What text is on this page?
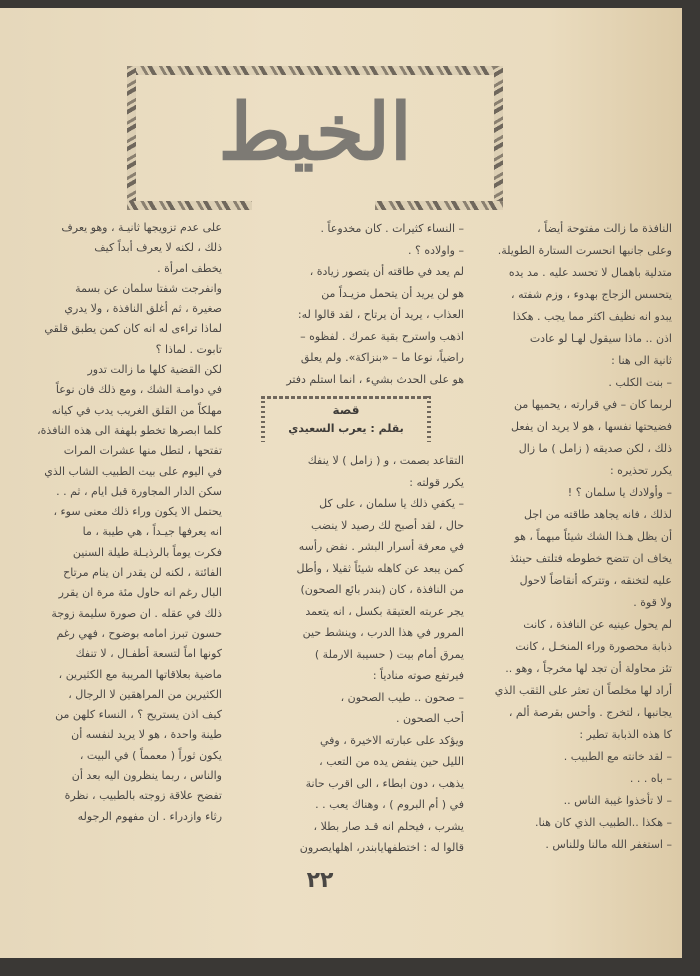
الخيط
النافذة ما زالت مفتوحة أيضاً ،
وعلى جانبها انحسرت الستارة الطويلة.
متدلية باهمال لا تحسد عليه . مد يده
يتحسس الزجاج بهدوء ، وزم شفته ،
يبدو انه نظيف اكثر مما يجب . هكذا
اذن .. ماذا سيقول لهـا لو عادت
ثانية الى هنا :
– بنت الكلب .
لربما كان – في قرارته ، يحميها من
فضيحتها نفسها ، هو لا يريد ان يفعل
ذلك ، لكن صديقه ( زامل ) ما زال
يكرر تحذيره :
– وأولادك يا سلمان ؟ !
لذلك ، فانه يجاهد طاقته من اجل
أن يظل هـذا الشك شيئاً مبهماً ، هو
يخاف ان تتضح خطوطه فتلتف حينئذ
عليه لتخنقه ، وتتركه أنقاضاً لاحول
ولا قوة .
لم يحول عينيه عن النافذة ، كانت
ذبابة محصورة وراء المنخـل ، كانت
تئز محاولة أن تجد لها مخرجاً ، وهو ..
أراد لها مخلصاً ان تعثر على الثقب الذي
يجانبها ، لتخرج . وأحس بقرصة ألم ،
كا هذه الذبابة تطير :
– لقد خانته مع الطبيب .
– باه . . .
– لا تأخذوا غيبة الناس ..
– هكذا ..الطبيب الذي كان هنا.
– استغفر الله مالنا وللناس .
– النساء كثيرات . كان مخدوعاً .
– واولاده ؟ .
لم يعد في طاقته أن يتصور زيادة ،
هو لن يريد أن يتحمل مزيـداً من
العذاب ، يريد أن يرتاح ، لقد قالوا له:
اذهب واسترح بقية عمرك . لفظوه –
راضياً، نوعا ما – «بنزاكة». ولم يعلق
هو على الحدث بشيء ، انما استلم دفتر
قصة
بقلم : يعرب السعيدي
التقاعد بصمت ، و ( زامل ) لا ينفك
يكرر قولته :
– يكفي ذلك يا سلمان ، على كل
حال ، لقد أصبح لك رصيد لا ينضب
في معرفة أسرار البشر . نفض رأسه
كمن يبعد عن كاهله شيئاً ثقيلا ، وأطل
من النافذة ، كان (بندر بائع الصحون)
يجر عربته العتيقة بكسل ، انه يتعمد
المرور في هذا الدرب ، وينشط حين
يمرق أمام بيت ( حسيبة الارملة )
فيرتفع صوته منادياً :
– صحون .. طيب الصحون ،
أحب الصحون .
ويؤكد على عبارته الاخيرة ، وفي
الليل حين ينفض يده من التعب ،
يذهب ، دون ابطاء ، الى اقرب حانة
في ( أم البروم ) ، وهناك يعب . .
يشرب ، فيحلم انه قـد صار بطلا ،
قالوا له : اختطفهايابندر، اهلهايصرون
على عدم تزويجها ثانيـة ، وهو يعرف
ذلك ، لكنه لا يعرف أبداً كيف
يخطف امرأة .
وانفرجت شفتا سلمان عن بسمة
صغيرة ، ثم أغلق النافذة ، ولا يدري
لماذا تراءى له انه كان كمن يطبق قلقي
تابوت . لماذا ؟
لكن القضية كلها ما زالت تدور
في دوامـة الشك ، ومع ذلك فان نوعاً
مهلكاً من القلق الغريب يدب في كيانه
كلما ابصرها تخطو بلهفة الى هذه النافذة،
تفتحها ، لتطل منها عشرات المرات
في اليوم على بيت الطبيب الشاب الذي
سكن الدار المجاورة قبل ايام ، ثم . .
يحتمل الا يكون وراء ذلك معنى سوء ،
انه يعرفها جيـداً ، هي طيبة ، ما
فكرت يوماً بالرذيـلة طيلة السنين
الفائتة ، لكنه لن يقدر ان ينام مرتاح
البال رغم انه حاول مئة مرة ان يقرر
ذلك في عقله . ان صورة سليمة زوجة
حسون تبرز امامه بوضوح ، فهي رغم
كونها اماً لتسعة أطفـال ، لا تنفك
ماضية بعلاقاتها المريبة مع الكثيرين ،
الكثيرين من المراهقين لا الرجال ،
كيف اذن يستريح ؟ ، النساء كلهن من
طينة واحدة ، هو لا يريد لنفسه أن
يكون ثوراً ( معمماً ) في البيت ،
والناس ، ربما ينظرون اليه بعد أن
تفضح علاقة زوجته بالطبيب ، نظرة
رثاء وازدراء . ان مفهوم الرجوله
٢٢
